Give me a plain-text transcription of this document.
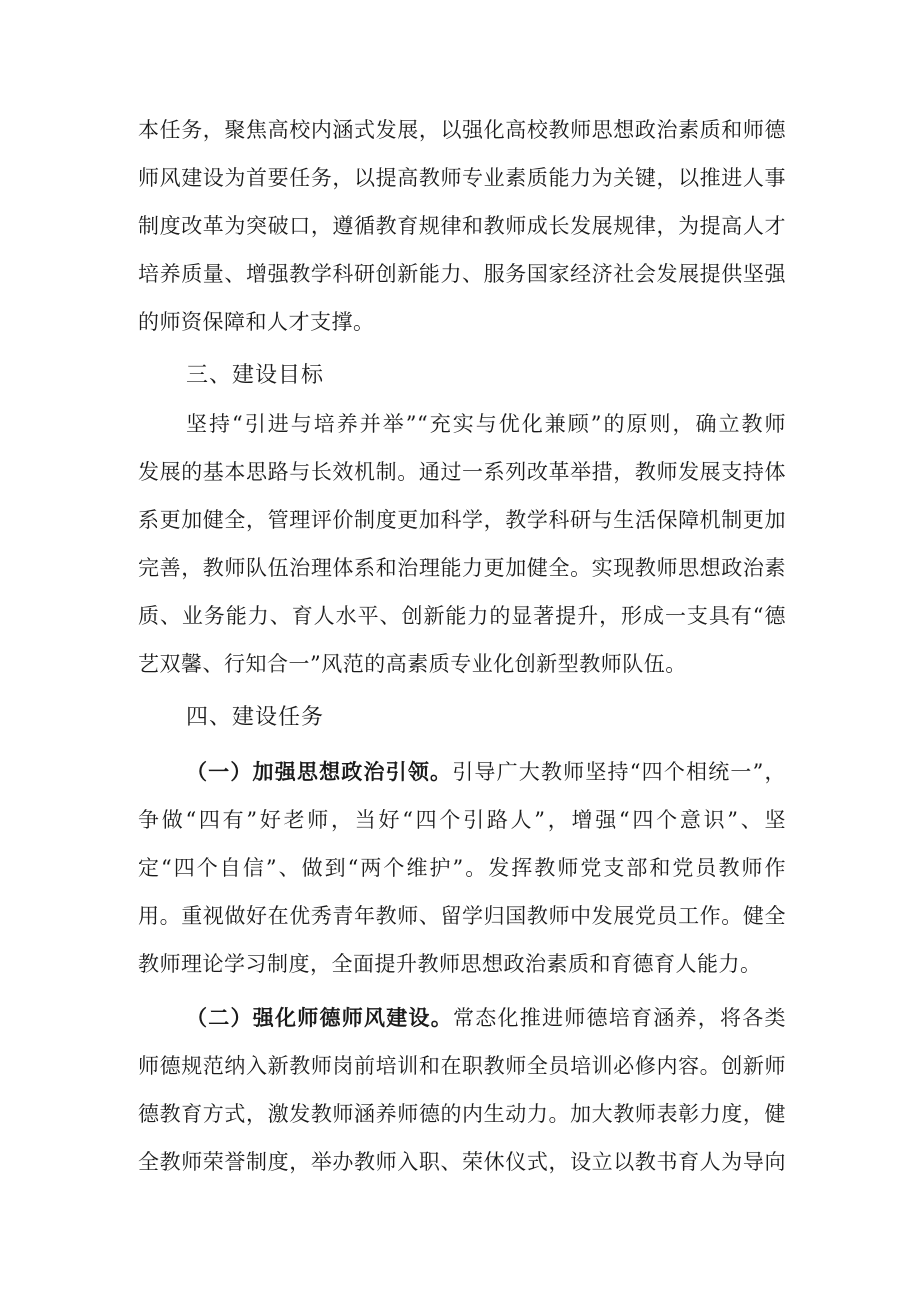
本任务，聚焦高校内涵式发展，以强化高校教师思想政治素质和师德
师风建设为首要任务，以提高教师专业素质能力为关键，以推进人事
制度改革为突破口，遵循教育规律和教师成长发展规律，为提高人才
培养质量、增强教学科研创新能力、服务国家经济社会发展提供坚强
的师资保障和人才支撑。
三、建设目标
坚持“引进与培养并举”“充实与优化兼顾”的原则，确立教师
发展的基本思路与长效机制。通过一系列改革举措，教师发展支持体
系更加健全，管理评价制度更加科学，教学科研与生活保障机制更加
完善，教师队伍治理体系和治理能力更加健全。实现教师思想政治素
质、业务能力、育人水平、创新能力的显著提升，形成一支具有“德
艺双馨、行知合一”风范的高素质专业化创新型教师队伍。
四、建设任务
（一）加强思想政治引领。引导广大教师坚持“四个相统一”，
争做“四有”好老师，当好“四个引路人”，增强“四个意识”、坚
定“四个自信”、做到“两个维护”。发挥教师党支部和党员教师作
用。重视做好在优秀青年教师、留学归国教师中发展党员工作。健全
教师理论学习制度，全面提升教师思想政治素质和育德育人能力。
（二）强化师德师风建设。常态化推进师德培育涵养，将各类
师德规范纳入新教师岗前培训和在职教师全员培训必修内容。创新师
德教育方式，激发教师涵养师德的内生动力。加大教师表彰力度，健
全教师荣誉制度，举办教师入职、荣休仪式，设立以教书育人为导向
